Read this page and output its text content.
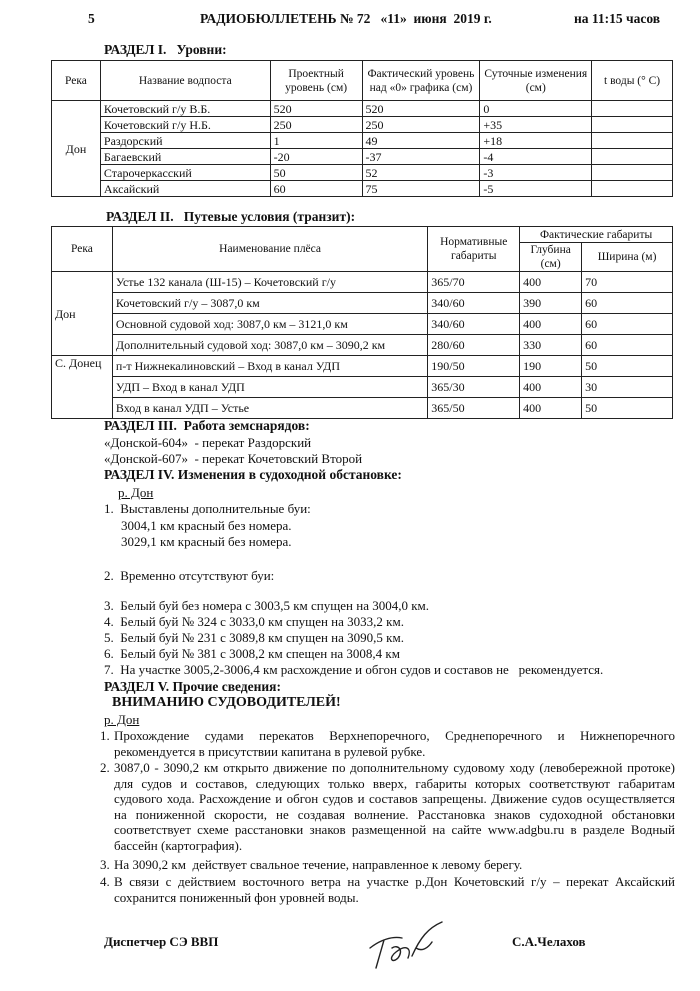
5	РАДИОБЮЛЛЕТЕНЬ № 72   «11»  июня  2019 г.	на 11:15 часов
РАЗДЕЛ I.   Уровни:
Река	Название водпоста	Проектный уровень (см)	Фактический уровень над «0» графика (см)	Суточные изменения (см)	t воды (° C)
Дон	Кочетовский г/у В.Б.	520	520	0	
	Кочетовский г/у Н.Б.	250	250	+35	
	Раздорский	1	49	+18	
	Багаевский	-20	-37	-4	
	Старочеркасский	50	52	-3	
	Аксайский	60	75	-5	
РАЗДЕЛ II.   Путевые условия (транзит):
Река	Наименование плёса	Нормативные габариты	Фактические габариты	
			Глубина (см)	Ширина (м)
Дон	Устье 132 канала (Ш-15) – Кочетовский г/у	365/70	400	70
	Кочетовский г/у – 3087,0 км	340/60	390	60
	Основной судовой ход: 3087,0 км – 3121,0 км	340/60	400	60
	Дополнительный судовой ход: 3087,0 км – 3090,2 км	280/60	330	60
С. Донец	п-т Нижнекалиновский – Вход в канал УДП	190/50	190	50
	УДП – Вход в канал УДП	365/30	400	30
	Вход в канал УДП – Устье	365/50	400	50
РАЗДЕЛ III.  Работа земснарядов:
«Донской-604»  - перекат Раздорский
«Донской-607»  - перекат Кочетовский Второй
РАЗДЕЛ IV. Изменения в судоходной обстановке:
р. Дон
1.  Выставлены дополнительные буи:
3004,1 км красный без номера.
3029,1 км красный без номера.
2.  Временно отсутствуют буи:
3.  Белый буй без номера с 3003,5 км спущен на 3004,0 км.
4.  Белый буй № 324 с 3033,0 км спущен на 3033,2 км.
5.  Белый буй № 231 с 3089,8 км спущен на 3090,5 км.
6.  Белый буй № 381 с 3008,2 км спещен на 3008,4 км
7.  На участке 3005,2-3006,4 км расхождение и обгон судов и составов не   рекомендуется.
РАЗДЕЛ V. Прочие сведения:
ВНИМАНИЮ СУДОВОДИТЕЛЕЙ!
р. Дон
1. Прохождение судами перекатов Верхнепоречного, Среднепоречного и Нижнепоречного рекомендуется в присутствии капитана в рулевой рубке.
2. 3087,0 - 3090,2 км открыто движение по дополнительному судовому ходу (левобережной протоке) для судов и составов, следующих только вверх, габариты которых соответствуют габаритам судового хода. Расхождение и обгон судов и составов запрещены. Движение судов осуществляется на пониженной скорости, не создавая волнение. Расстановка знаков судоходной обстановки соответствует схеме расстановки знаков размещенной на сайте www.adgbu.ru в разделе Водный бассейн (картография).
3. На 3090,2 км  действует свальное течение, направленное к левому берегу.
4. В связи с действием восточного ветра на участке р.Дон Кочетовский г/у – перекат Аксайский сохранится пониженный фон уровней воды.
Диспетчер СЭ ВВП	С.А.Челахов
